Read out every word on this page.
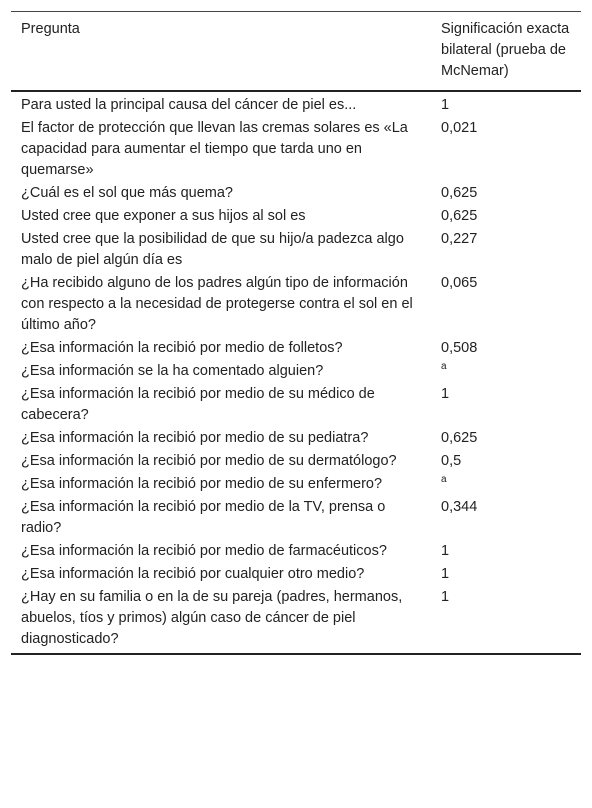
Pregunta	Significación exacta bilateral (prueba de McNemar)
Para usted la principal causa del cáncer de piel es...	1
El factor de protección que llevan las cremas solares es «La capacidad para aumentar el tiempo que tarda uno en quemarse»	0,021
¿Cuál es el sol que más quema?	0,625
Usted cree que exponer a sus hijos al sol es	0,625
Usted cree que la posibilidad de que su hijo/a padezca algo malo de piel algún día es	0,227
¿Ha recibido alguno de los padres algún tipo de información con respecto a la necesidad de protegerse contra el sol en el último año?	0,065
¿Esa información la recibió por medio de folletos?	0,508
¿Esa información se la ha comentado alguien?	$^a$
¿Esa información la recibió por medio de su médico de cabecera?	1
¿Esa información la recibió por medio de su pediatra?	0,625
¿Esa información la recibió por medio de su dermatólogo?	0,5
¿Esa información la recibió por medio de su enfermero?	$^a$
¿Esa información la recibió por medio de la TV, prensa o radio?	0,344
¿Esa información la recibió por medio de farmacéuticos?	1
¿Esa información la recibió por cualquier otro medio?	1
¿Hay en su familia o en la de su pareja (padres, hermanos, abuelos, tíos y primos) algún caso de cáncer de piel diagnosticado?	1
